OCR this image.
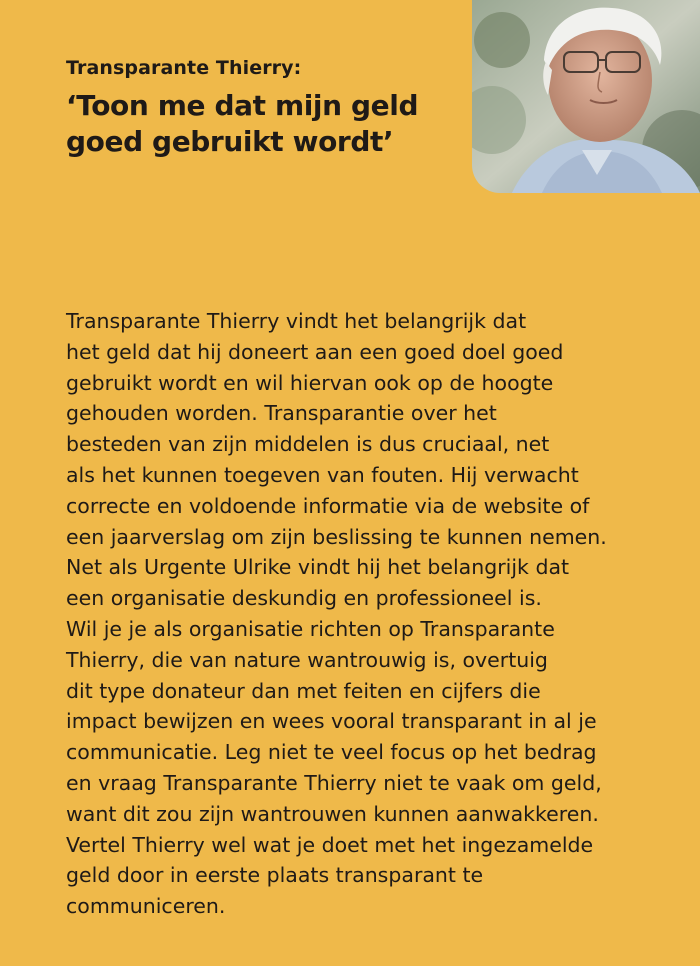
Transparante Thierry:
‘Toon me dat mijn geld
goed gebruikt wordt’
Transparante Thierry vindt het belangrijk dat
het geld dat hij doneert aan een goed doel goed
gebruikt wordt en wil hiervan ook op de hoogte
gehouden worden. Transparantie over het
besteden van zijn middelen is dus cruciaal, net
als het kunnen toegeven van fouten. Hij verwacht
correcte en voldoende informatie via de website of
een jaarverslag om zijn beslissing te kunnen nemen.
Net als Urgente Ulrike vindt hij het belangrijk dat
een organisatie deskundig en professioneel is.
Wil je je als organisatie richten op Transparante
Thierry, die van nature wantrouwig is, overtuig
dit type donateur dan met feiten en cijfers die
impact bewijzen en wees vooral transparant in al je
communicatie. Leg niet te veel focus op het bedrag
en vraag Transparante Thierry niet te vaak om geld,
want dit zou zijn wantrouwen kunnen aanwakkeren.
Vertel Thierry wel wat je doet met het ingezamelde
geld door in eerste plaats transparant te
communiceren.
